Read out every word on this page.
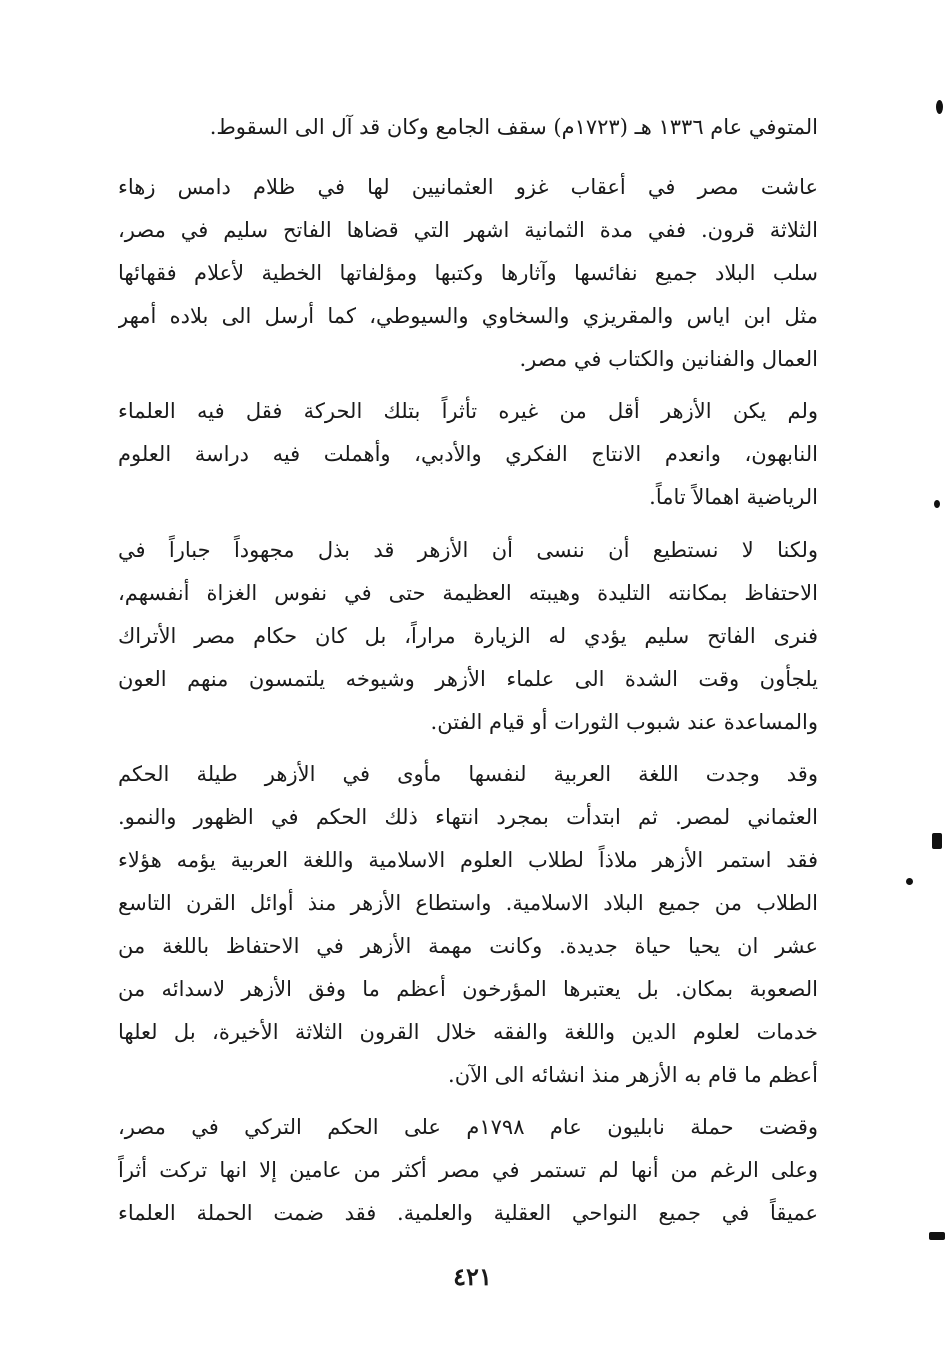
المتوفي عام ١٣٣٦ هـ (١٧٢٣م) سقف الجامع وكان قد آل الى السقوط.
عاشت مصر في أعقاب غزو العثمانيين لها في ظلام دامس زهاء
الثلاثة قرون. ففي مدة الثمانية اشهر التي قضاها الفاتح سليم في مصر،
سلب البلاد جميع نفائسها وآثارها وكتبها ومؤلفاتها الخطية لأعلام فقهائها
مثل ابن اياس والمقريزي والسخاوي والسيوطي، كما أرسل الى بلاده أمهر
العمال والفنانين والكتاب في مصر.
ولم يكن الأزهر أقل من غيره تأثراً بتلك الحركة فقل فيه العلماء
النابهون، وانعدم الانتاج الفكري والأدبي، وأهملت فيه دراسة العلوم
الرياضية اهمالاً تاماً.
ولكنا لا نستطيع أن ننسى أن الأزهر قد بذل مجهوداً جباراً في
الاحتفاظ بمكانته التليدة وهيبته العظيمة حتى في نفوس الغزاة أنفسهم،
فنرى الفاتح سليم يؤدي له الزيارة مراراً، بل كان حكام مصر الأتراك
يلجأون وقت الشدة الى علماء الأزهر وشيوخه يلتمسون منهم العون
والمساعدة عند شبوب الثورات أو قيام الفتن.
وقد وجدت اللغة العربية لنفسها مأوى في الأزهر طيلة الحكم
العثماني لمصر. ثم ابتدأت بمجرد انتهاء ذلك الحكم في الظهور والنمو.
فقد استمر الأزهر ملاذاً لطلاب العلوم الاسلامية واللغة العربية يؤمه هؤلاء
الطلاب من جميع البلاد الاسلامية. واستطاع الأزهر منذ أوائل القرن التاسع
عشر ان يحيا حياة جديدة. وكانت مهمة الأزهر في الاحتفاظ باللغة من
الصعوبة بمكان. بل يعتبرها المؤرخون أعظم ما وفق الأزهر لاسدائه من
خدمات لعلوم الدين واللغة والفقه خلال القرون الثلاثة الأخيرة، بل لعلها
أعظم ما قام به الأزهر منذ انشائه الى الآن.
وقضت حملة نابليون عام ١٧٩٨م على الحكم التركي في مصر،
وعلى الرغم من أنها لم تستمر في مصر أكثر من عامين إلا انها تركت أثراً
عميقاً في جميع النواحي العقلية والعلمية. فقد ضمت الحملة العلماء
٤٢١
